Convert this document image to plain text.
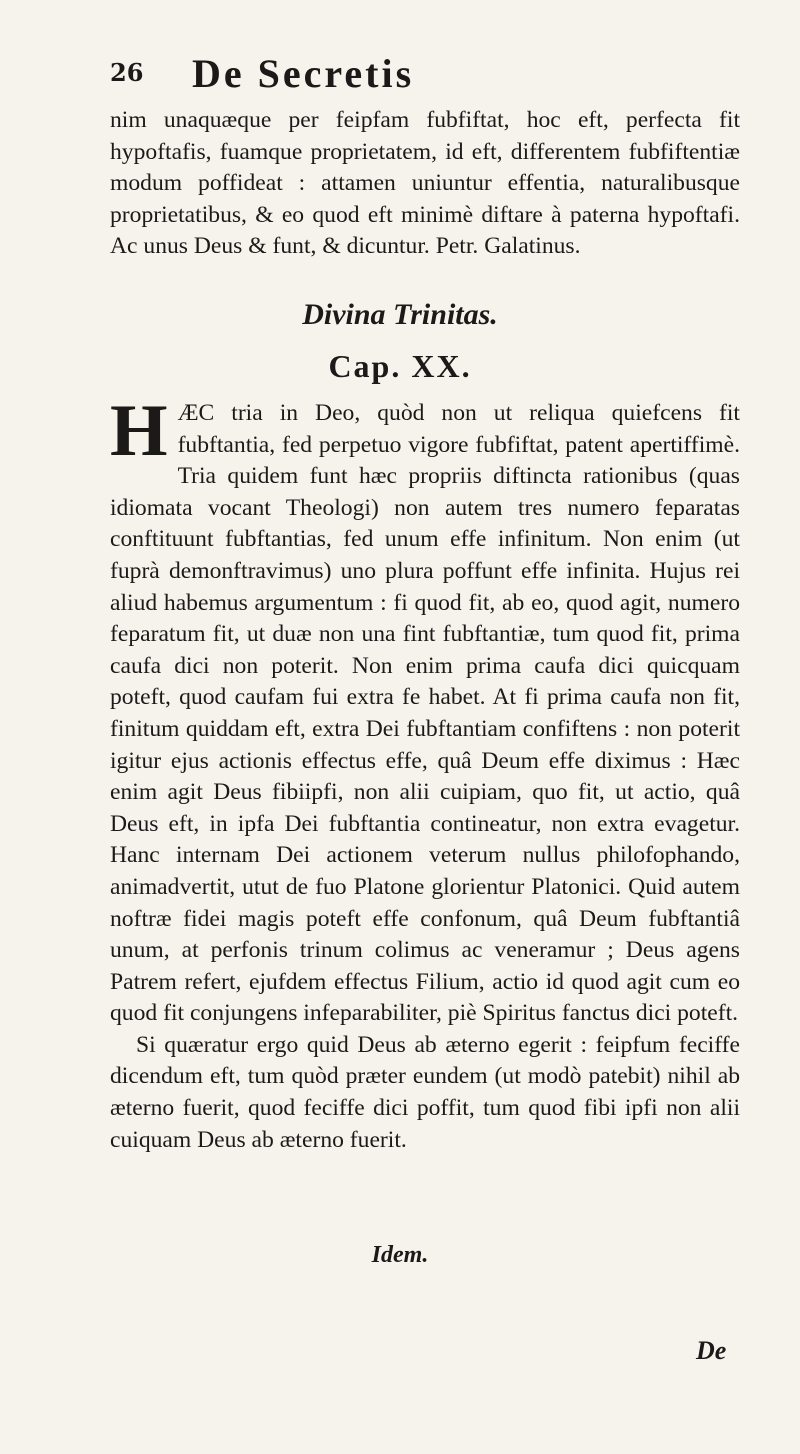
26 De Secretis

nim unaquæque per feipfam fubfiftat, hoc eft, perfecta fit hypoftafis, fuamque proprietatem, id eft, differentem fubfiftentiæ modum poffideat : attamen uniuntur effentia, naturalibusque proprietatibus, & eo quod eft minimè diftare à paterna hypoftafi. Ac unus Deus & funt, & dicuntur. Petr. Galatinus.

Divina Trinitas.
Cap. XX.

HÆC tria in Deo, quòd non ut reliqua quiefcens fit fubftantia, fed perpetuo vigore fubfiftat, patent apertiffimè. Tria quidem funt hæc propriis diftincta rationibus (quas idiomata vocant Theologi) non autem tres numero feparatas conftituunt fubftantias, fed unum effe infinitum. Non enim (ut fuprà demonftravimus) uno plura poffunt effe infinita. Hujus rei aliud habemus argumentum : fi quod fit, ab eo, quod agit, numero feparatum fit, ut duæ non una fint fubftantiæ, tum quod fit, prima caufa dici non poterit. Non enim prima caufa dici quicquam poteft, quod caufam fui extra fe habet. At fi prima caufa non fit, finitum quiddam eft, extra Dei fubftantiam confiftens : non poterit igitur ejus actionis effectus effe, quâ Deum effe diximus : Hæc enim agit Deus fibiipfi, non alii cuipiam, quo fit, ut actio, quâ Deus eft, in ipfa Dei fubftantia contineatur, non extra evagetur. Hanc internam Dei actionem veterum nullus philofophando, animadvertit, utut de fuo Platone glorientur Platonici. Quid autem noftræ fidei magis poteft effe confonum, quâ Deum fubftantiâ unum, at perfonis trinum colimus ac veneramur ; Deus agens Patrem refert, ejufdem effectus Filium, actio id quod agit cum eo quod fit conjungens infeparabiliter, piè Spiritus fanctus dici poteft.

Si quæratur ergo quid Deus ab æterno egerit : feipfum feciffe dicendum eft, tum quòd præter eundem (ut modò patebit) nihil ab æterno fuerit, quod feciffe dici poffit, tum quod fibi ipfi non alii cuiquam Deus ab æterno fuerit.

Idem.
De
